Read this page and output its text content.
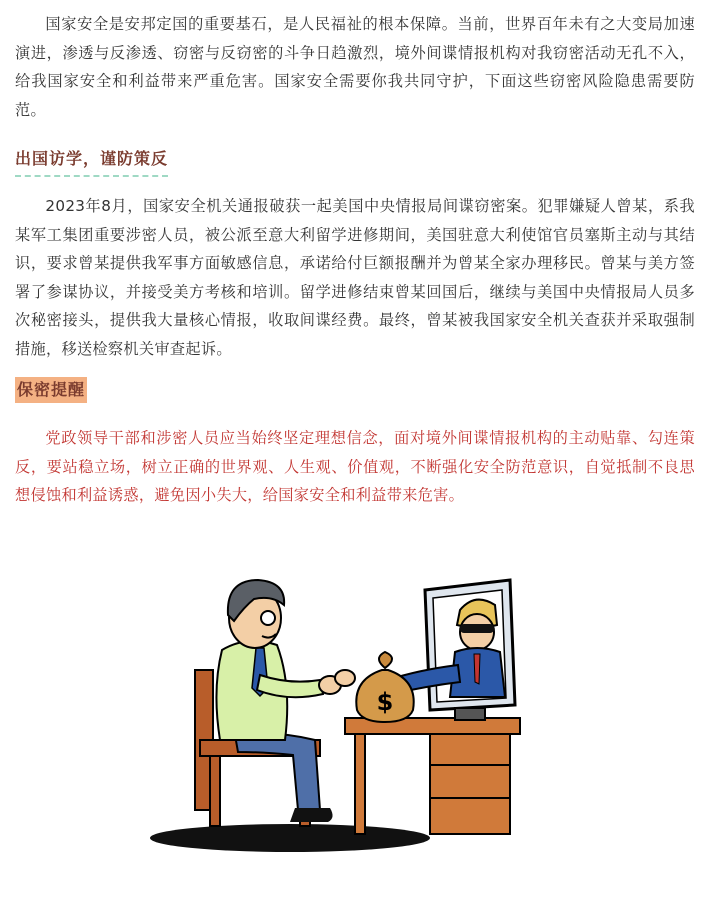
国家安全是安邦定国的重要基石，是人民福祉的根本保障。当前，世界百年未有之大变局加速演进，渗透与反渗透、窃密与反窃密的斗争日趋激烈，境外间谍情报机构对我窃密活动无孔不入，给我国家安全和利益带来严重危害。国家安全需要你我共同守护，下面这些窃密风险隐患需要防范。

出国访学，谨防策反

2023年8月，国家安全机关通报破获一起美国中央情报局间谍窃密案。犯罪嫌疑人曾某，系我某军工集团重要涉密人员，被公派至意大利留学进修期间，美国驻意大利使馆官员塞斯主动与其结识，要求曾某提供我军事方面敏感信息，承诺给付巨额报酬并为曾某全家办理移民。曾某与美方签署了参谋协议，并接受美方考核和培训。留学进修结束曾某回国后，继续与美国中央情报局人员多次秘密接头，提供我大量核心情报，收取间谍经费。最终，曾某被我国家安全机关查获并采取强制措施，移送检察机关审查起诉。

保密提醒

党政领导干部和涉密人员应当始终坚定理想信念，面对境外间谍情报机构的主动贴靠、勾连策反，要站稳立场，树立正确的世界观、人生观、价值观，不断强化安全防范意识，自觉抵制不良思想侵蚀和利益诱惑，避免因小失大，给国家安全和利益带来危害。

$
